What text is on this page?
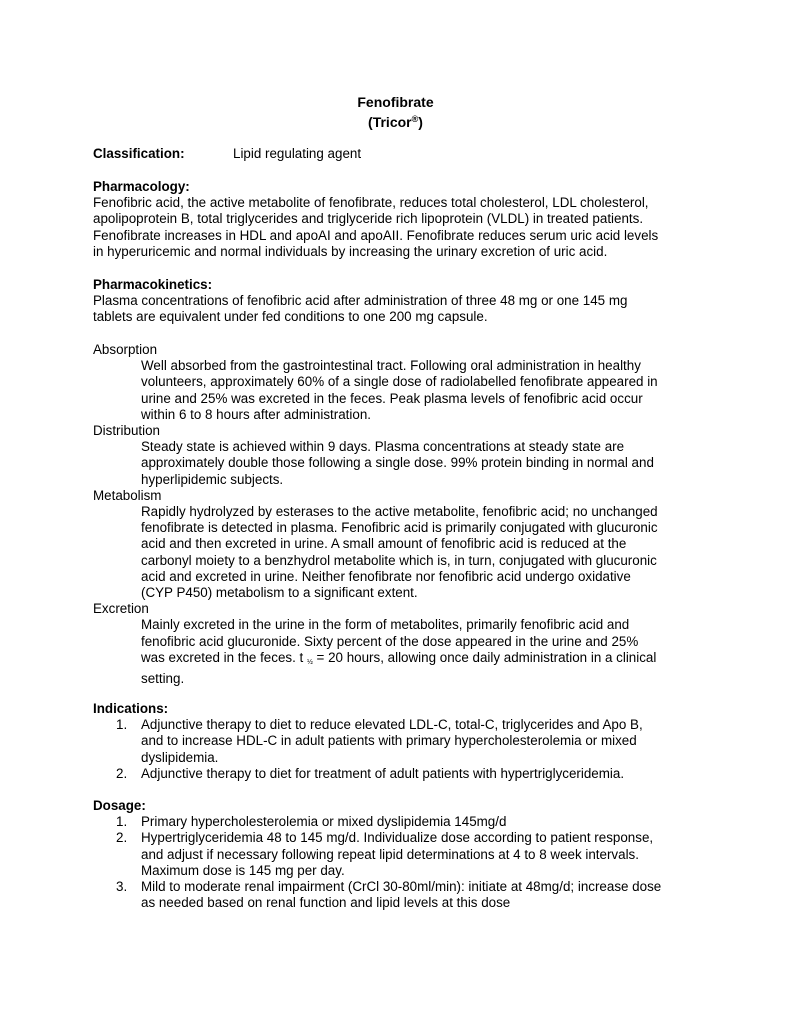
Fenofibrate
(Tricor®)
Classification:	Lipid regulating agent
Pharmacology:

Fenofibric acid, the active metabolite of fenofibrate, reduces total cholesterol, LDL cholesterol,

apolipoprotein B, total triglycerides and triglyceride rich lipoprotein (VLDL) in treated patients.

Fenofibrate increases in HDL and apoAI and apoAII. Fenofibrate reduces serum uric acid levels

in hyperuricemic and normal individuals by increasing the urinary excretion of uric acid.

Pharmacokinetics:

Plasma concentrations of fenofibric acid after administration of three 48 mg or one 145 mg

tablets are equivalent under fed conditions to one 200 mg capsule.

Absorption

Well absorbed from the gastrointestinal tract. Following oral administration in healthy

volunteers, approximately 60% of a single dose of radiolabelled fenofibrate appeared in

urine and 25% was excreted in the feces. Peak plasma levels of fenofibric acid occur

within 6 to 8 hours after administration.

Distribution

Steady state is achieved within 9 days. Plasma concentrations at steady state are

approximately double those following a single dose. 99% protein binding in normal and

hyperlipidemic subjects.

Metabolism

Rapidly hydrolyzed by esterases to the active metabolite, fenofibric acid; no unchanged

fenofibrate is detected in plasma. Fenofibric acid is primarily conjugated with glucuronic

acid and then excreted in urine. A small amount of fenofibric acid is reduced at the

carbonyl moiety to a benzhydrol metabolite which is, in turn, conjugated with glucuronic

acid and excreted in urine. Neither fenofibrate nor fenofibric acid undergo oxidative

(CYP P450) metabolism to a significant extent.

Excretion

Mainly excreted in the urine in the form of metabolites, primarily fenofibric acid and

fenofibric acid glucuronide. Sixty percent of the dose appeared in the urine and 25%

was excreted in the feces. t ½ = 20 hours, allowing once daily administration in a clinical

setting.

Indications:
1. Adjunctive therapy to diet to reduce elevated LDL-C, total-C, triglycerides and Apo B,
and to increase HDL-C in adult patients with primary hypercholesterolemia or mixed
dyslipidemia.
2. Adjunctive therapy to diet for treatment of adult patients with hypertriglyceridemia.
Dosage:
1. Primary hypercholesterolemia or mixed dyslipidemia 145mg/d
2. Hypertriglyceridemia 48 to 145 mg/d. Individualize dose according to patient response,
and adjust if necessary following repeat lipid determinations at 4 to 8 week intervals.
Maximum dose is 145 mg per day.
3. Mild to moderate renal impairment (CrCl 30-80ml/min): initiate at 48mg/d; increase dose
as needed based on renal function and lipid levels at this dose
